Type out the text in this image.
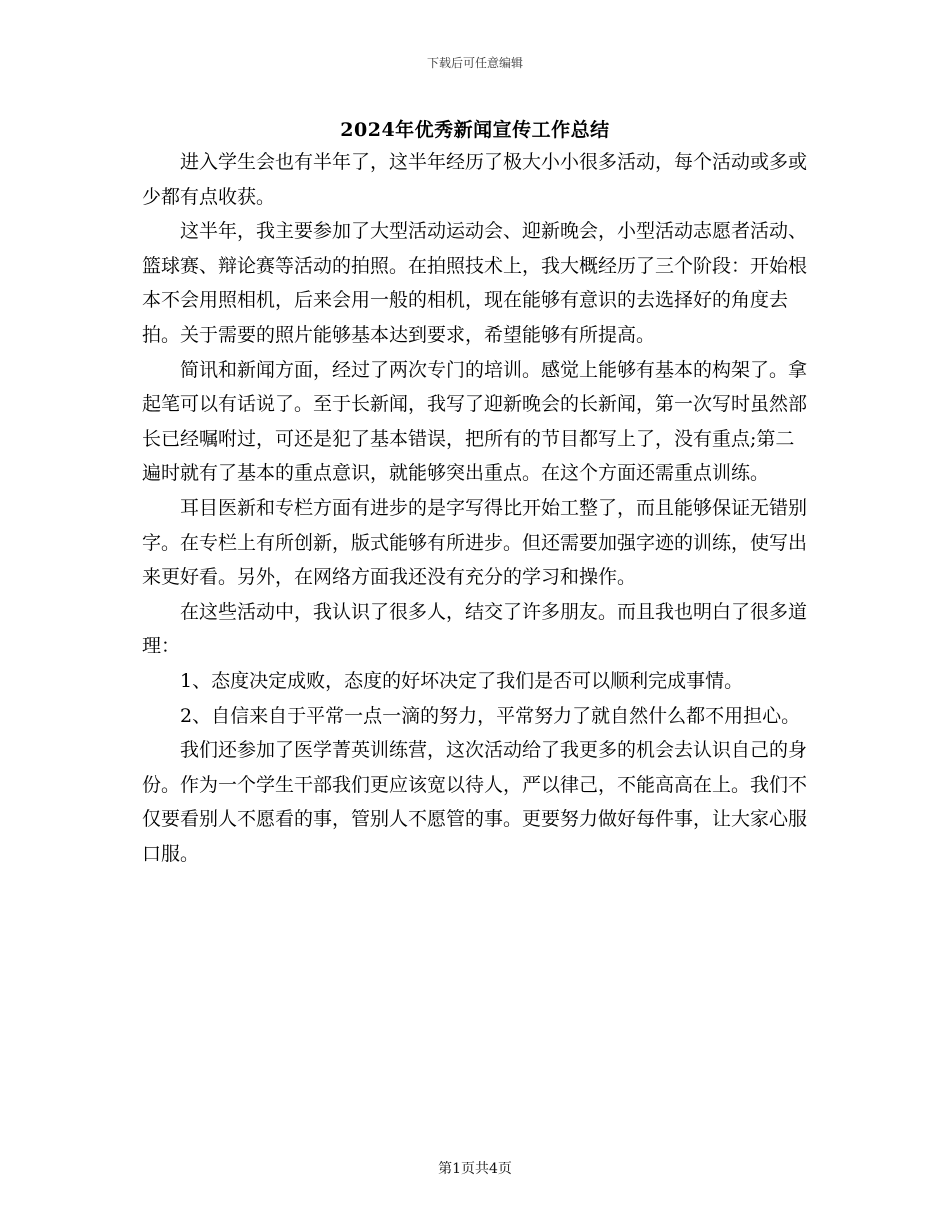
下载后可任意编辑
2024年优秀新闻宣传工作总结

进入学生会也有半年了，这半年经历了极大小小很多活动，每个活动或多或少都有点收获。

这半年，我主要参加了大型活动运动会、迎新晚会，小型活动志愿者活动、篮球赛、辩论赛等活动的拍照。在拍照技术上，我大概经历了三个阶段：开始根本不会用照相机，后来会用一般的相机，现在能够有意识的去选择好的角度去拍。关于需要的照片能够基本达到要求，希望能够有所提高。

简讯和新闻方面，经过了两次专门的培训。感觉上能够有基本的构架了。拿起笔可以有话说了。至于长新闻，我写了迎新晚会的长新闻，第一次写时虽然部长已经嘱咐过，可还是犯了基本错误，把所有的节目都写上了，没有重点;第二遍时就有了基本的重点意识，就能够突出重点。在这个方面还需重点训练。

耳目医新和专栏方面有进步的是字写得比开始工整了，而且能够保证无错别字。在专栏上有所创新，版式能够有所进步。但还需要加强字迹的训练，使写出来更好看。另外，在网络方面我还没有充分的学习和操作。

在这些活动中，我认识了很多人，结交了许多朋友。而且我也明白了很多道理：

1、态度决定成败，态度的好坏决定了我们是否可以顺利完成事情。

2、自信来自于平常一点一滴的努力，平常努力了就自然什么都不用担心。

我们还参加了医学菁英训练营，这次活动给了我更多的机会去认识自己的身份。作为一个学生干部我们更应该宽以待人，严以律己，不能高高在上。我们不仅要看别人不愿看的事，管别人不愿管的事。更要努力做好每件事，让大家心服口服。

第1页共4页
